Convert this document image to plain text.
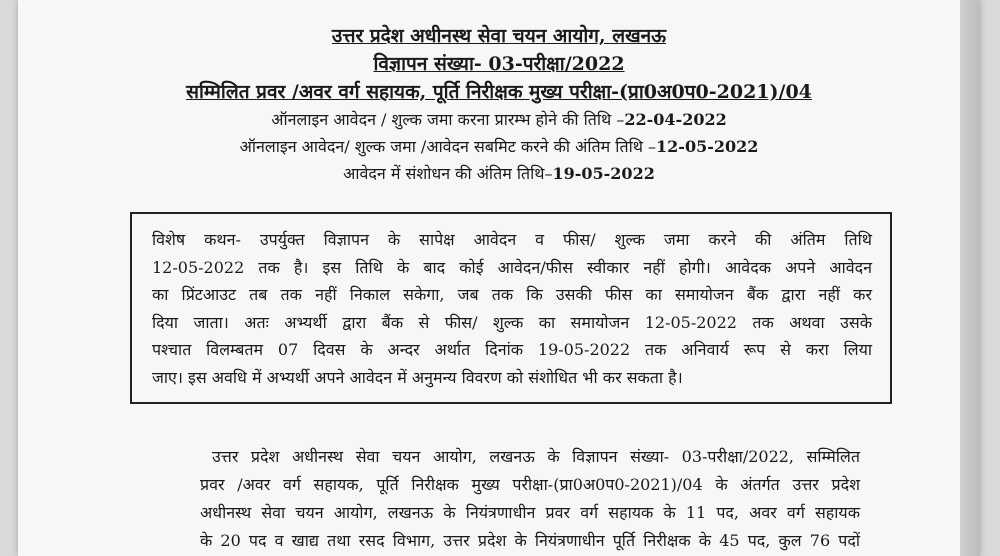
उत्तर प्रदेश अधीनस्थ सेवा चयन आयोग, लखनऊ
विज्ञापन संख्या- 03-परीक्षा/2022
सम्मिलित प्रवर /अवर वर्ग सहायक, पूर्ति निरीक्षक मुख्य परीक्षा-(प्रा0अ0प0-2021)/04
ऑनलाइन आवेदन / शुल्क जमा करना प्रारम्भ होने की तिथि –22-04-2022
ऑनलाइन आवेदन/ शुल्क जमा /आवेदन सबमिट करने की अंतिम तिथि –12-05-2022
आवेदन में संशोधन की अंतिम तिथि–19-05-2022
विशेष कथन- उपर्युक्त विज्ञापन के सापेक्ष आवेदन व फीस/ शुल्क जमा करने की अंतिम तिथि
12-05-2022 तक है। इस तिथि के बाद कोई आवेदन/फीस स्वीकार नहीं होगी। आवेदक अपने आवेदन
का प्रिंटआउट तब तक नहीं निकाल सकेगा, जब तक कि उसकी फीस का समायोजन बैंक द्वारा नहीं कर
दिया जाता। अतः अभ्यर्थी द्वारा बैंक से फीस/ शुल्क का समायोजन 12-05-2022 तक अथवा उसके
पश्चात विलम्बतम 07 दिवस के अन्दर अर्थात दिनांक 19-05-2022 तक अनिवार्य रूप से करा लिया
जाए। इस अवधि में अभ्यर्थी अपने आवेदन में अनुमन्य विवरण को संशोधित भी कर सकता है।
उत्तर प्रदेश अधीनस्थ सेवा चयन आयोग, लखनऊ के विज्ञापन संख्या- 03-परीक्षा/2022, सम्मिलित
प्रवर /अवर वर्ग सहायक, पूर्ति निरीक्षक मुख्य परीक्षा-(प्रा0अ0प0-2021)/04 के अंतर्गत उत्तर प्रदेश
अधीनस्थ सेवा चयन आयोग, लखनऊ के नियंत्रणाधीन प्रवर वर्ग सहायक के 11 पद, अवर वर्ग सहायक
के 20 पद व खाद्य तथा रसद विभाग, उत्तर प्रदेश के नियंत्रणाधीन पूर्ति निरीक्षक के 45 पद, कुल 76 पदों
